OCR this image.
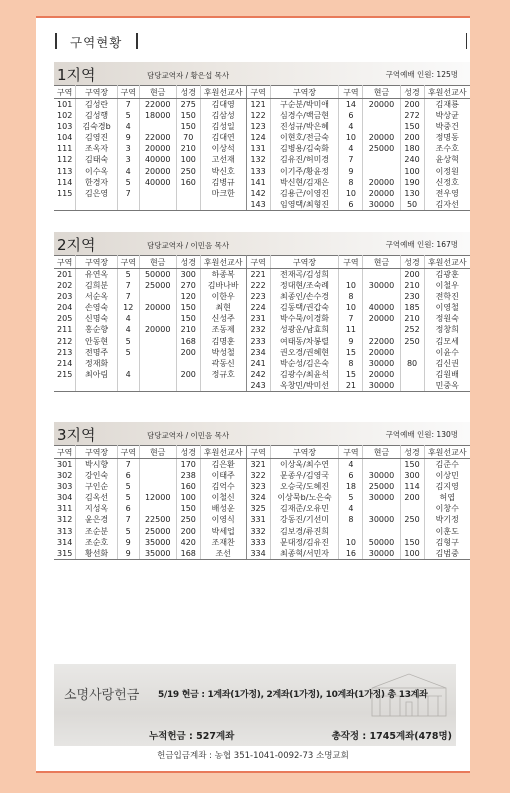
구역현황
1지역	담당교역자 / 황은섭 목사	구역예배 인원: 125명
구역	구역장	구역	현금	성경	후원선교사	구역	구역장	구역	현금	성경	후원선교사
101	김성란	7	22000	275	김대영	121	구순분/박미애	14	20000	200	김재룡
102	김성행	5	18000	150	김삼성	122	심경수/백금현	6		272	박상균
103	김숙경b	4		150	김성일	123	진성규/박은혜	4		150	박중건
104	김영진	9	22000	70	김대연	124	이현호/전금숙	10	20000	200	정명동
111	조옥자	3	20000	210	이상석	131	김병용/김숙화	4	25000	180	조수호
112	김태숙	3	40000	100	고선재	132	김유진/허미경	7		240	윤상혁
113	이수옥	4	20000	250	박신호	133	이기주/황윤정	9		100	이정원
114	한경자	5	40000	160	김병규	141	박신현/김재은	8	20000	190	신정호
115	김은영	7			마크한	142	김용근/이영진	10	20000	130	전우영
						143	임영택/최형진	6	30000	50	김자선
2지역	담당교역자 / 이민음 목사	구역예배 인원: 167명
구역	구역장	구역	현금	성경	후원선교사	구역	구역장	구역	현금	성경	후원선교사
201	유연옥	5	50000	300	하종복	221	전재곡/김성희			200	김광훈
202	김희분	7	25000	270	김바나바	222	정대현/조숙례	10	30000	210	이철우
203	서순옥	7		120	이한우	223	최종인/손수경	8		230	전학진
204	손영숙	12	20000	150	최현	224	김동택/권갑숙	10	40000	185	이영철
205	신명숙	4		150	신성주	231	박수묵/이경화	7	20000	210	정원숙
211	홍순향	4	20000	210	조동제	232	성광운/남효희	11		252	정창희
212	안동현	5		168	김명훈	233	여태동/차봉렬	9	22000	250	김모세
213	전명주	5		200	박성철	234	권오경/권혜현	15	20000		이윤수
214	정재화				곽동신	241	박순성/김은숙	8	30000	80	김신권
215	최아림	4		200	정규호	242	김광수/최윤석	15	20000		김원배
						243	옥창민/박미선	21	30000		민중옥
3지역	담당교역자 / 이민음 목사	구역예배 인원: 130명
구역	구역장	구역	현금	성경	후원선교사	구역	구역장	구역	현금	성경	후원선교사
301	박시향	7		170	김은환	321	이상욱/최수연	4		150	김준수
302	강인숙	6		238	이태주	322	문종우/김영국	6	30000	300	이상민
303	구인순	5		160	김억수	323	오승국/도혜진	18	25000	114	김지영
304	김옥선	5	12000	100	이철신	324	이상묵b/노은숙	5	30000	200	허엽
311	지성옥	6		150	배성운	325	김재준/오유민	4			이창수
312	윤은경	7	22500	250	이영식	331	강동진/기선미	8	30000	250	박기정
313	조순분	5	25000	200	박세업	332	김보경/류진희				이훈도
314	조순호	9	35000	420	조재찬	333	문대정/김유진	10	50000	150	김형구
315	황선화	9	35000	168	조선	334	최종혁/서민자	16	30000	100	김범중
소명사랑헌금 5/19 현금 : 1계좌(1가정), 2계좌(1가정), 10계좌(1가정) 총 13계좌
누적헌금 : 527계좌	총작정 : 1745계좌(478명)
헌금입금계좌 : 농협 351-1041-0092-73 소명교회
